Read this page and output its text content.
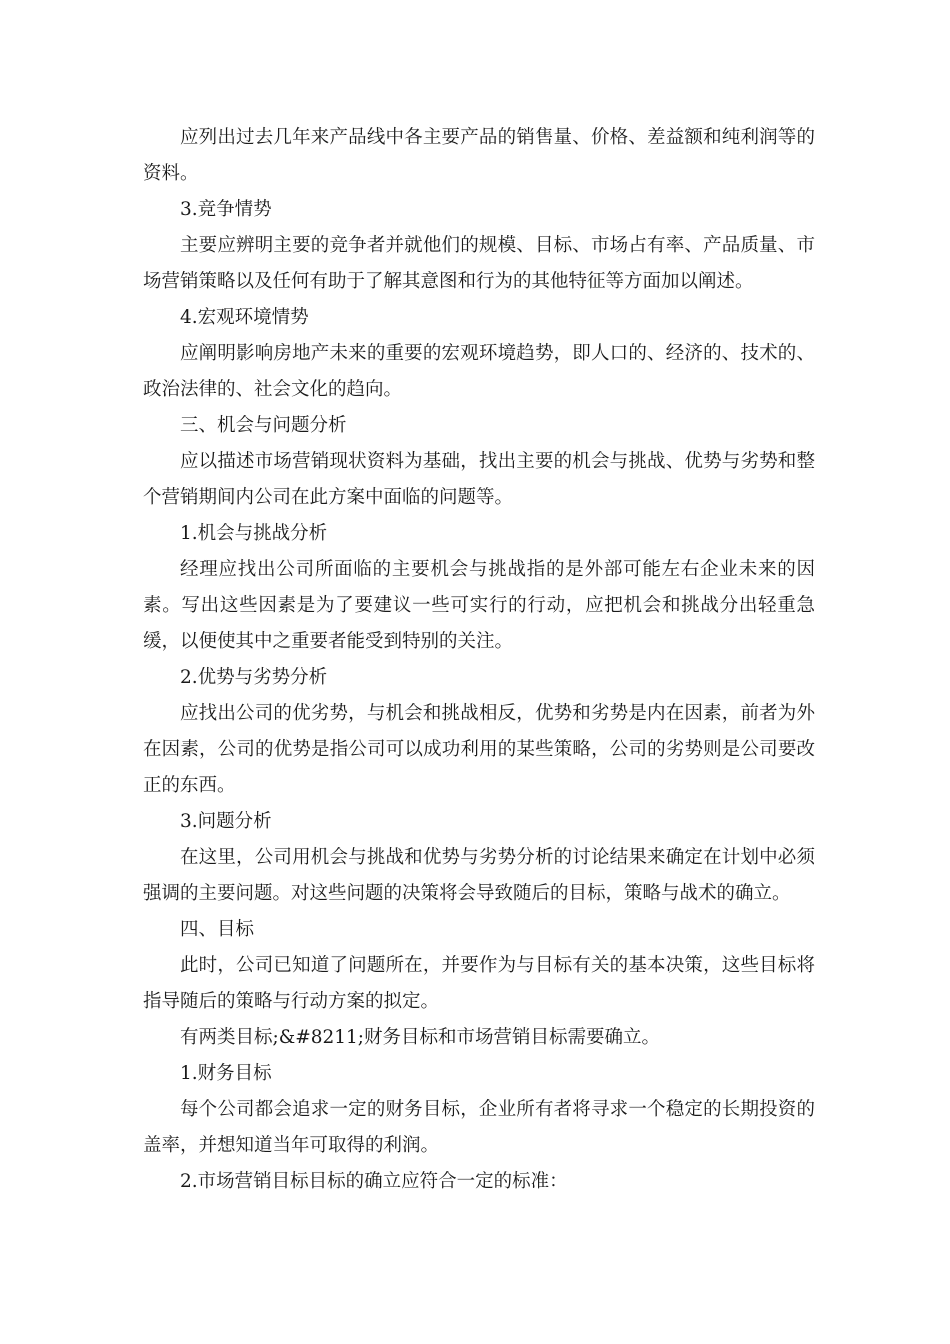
应列出过去几年来产品线中各主要产品的销售量、价格、差益额和纯利润等的资料。

3.竞争情势

主要应辨明主要的竞争者并就他们的规模、目标、市场占有率、产品质量、市场营销策略以及任何有助于了解其意图和行为的其他特征等方面加以阐述。

4.宏观环境情势

应阐明影响房地产未来的重要的宏观环境趋势，即人口的、经济的、技术的、政治法律的、社会文化的趋向。

三、机会与问题分析

应以描述市场营销现状资料为基础，找出主要的机会与挑战、优势与劣势和整个营销期间内公司在此方案中面临的问题等。

1.机会与挑战分析

经理应找出公司所面临的主要机会与挑战指的是外部可能左右企业未来的因素。写出这些因素是为了要建议一些可实行的行动，应把机会和挑战分出轻重急缓，以便使其中之重要者能受到特别的关注。

2.优势与劣势分析

应找出公司的优劣势，与机会和挑战相反，优势和劣势是内在因素，前者为外在因素，公司的优势是指公司可以成功利用的某些策略，公司的劣势则是公司要改正的东西。

3.问题分析

在这里，公司用机会与挑战和优势与劣势分析的讨论结果来确定在计划中必须强调的主要问题。对这些问题的决策将会导致随后的目标，策略与战术的确立。

四、目标

此时，公司已知道了问题所在，并要作为与目标有关的基本决策，这些目标将指导随后的策略与行动方案的拟定。

有两类目标;&#8211;财务目标和市场营销目标需要确立。

1.财务目标

每个公司都会追求一定的财务目标，企业所有者将寻求一个稳定的长期投资的盖率，并想知道当年可取得的利润。

2.市场营销目标目标的确立应符合一定的标准：
